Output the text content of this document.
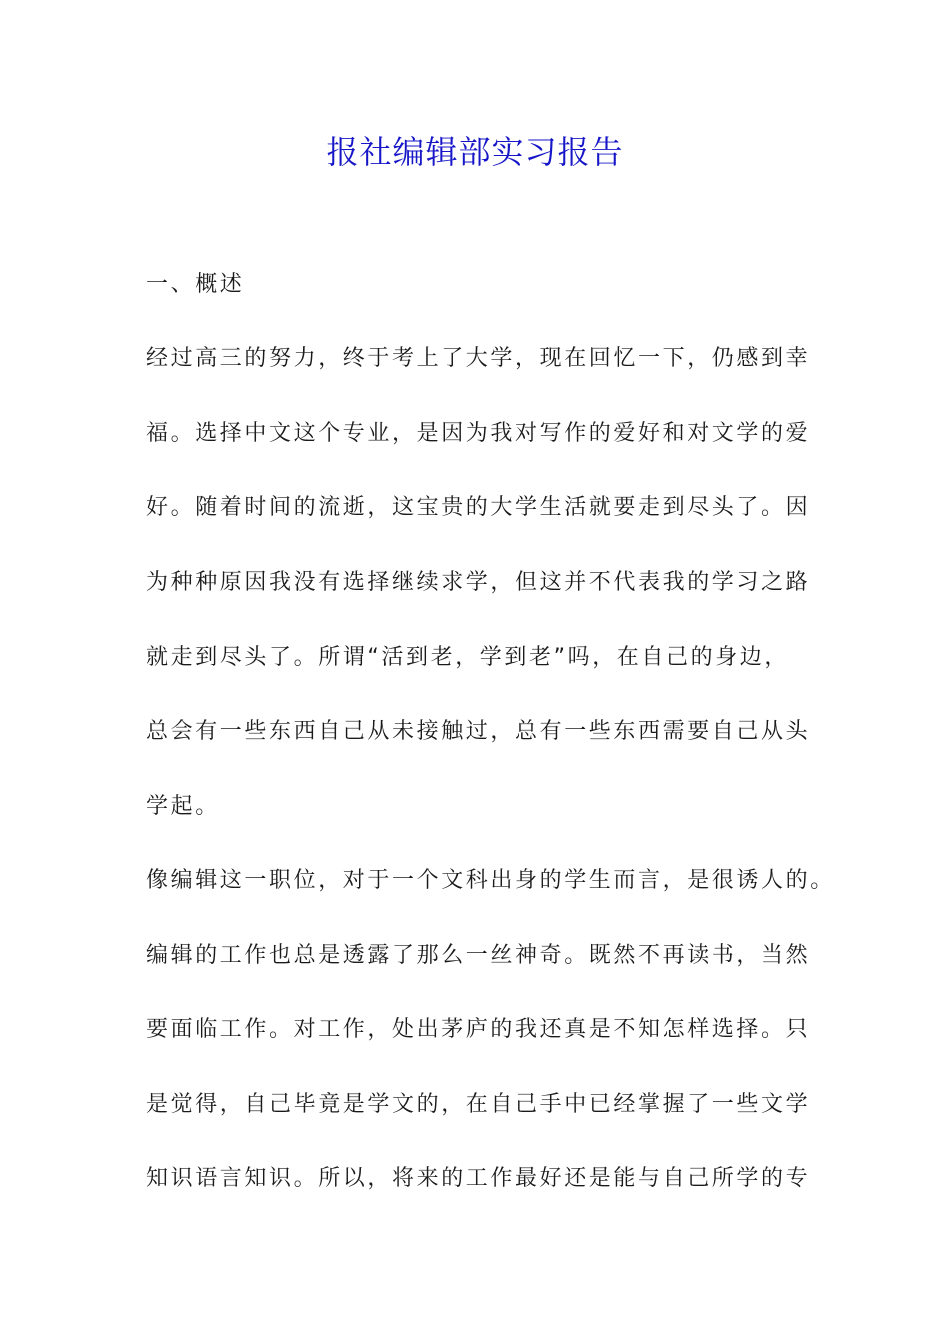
报社编辑部实习报告

一、概述

经过高三的努力，终于考上了大学，现在回忆一下，仍感到幸

福。选择中文这个专业，是因为我对写作的爱好和对文学的爱

好。随着时间的流逝，这宝贵的大学生活就要走到尽头了。因

为种种原因我没有选择继续求学，但这并不代表我的学习之路

就走到尽头了。所谓“活到老，学到老”吗，在自己的身边，

总会有一些东西自己从未接触过，总有一些东西需要自己从头

学起。

像编辑这一职位，对于一个文科出身的学生而言，是很诱人的。

编辑的工作也总是透露了那么一丝神奇。既然不再读书，当然

要面临工作。对工作，处出茅庐的我还真是不知怎样选择。只

是觉得，自己毕竟是学文的，在自己手中已经掌握了一些文学

知识语言知识。所以，将来的工作最好还是能与自己所学的专
